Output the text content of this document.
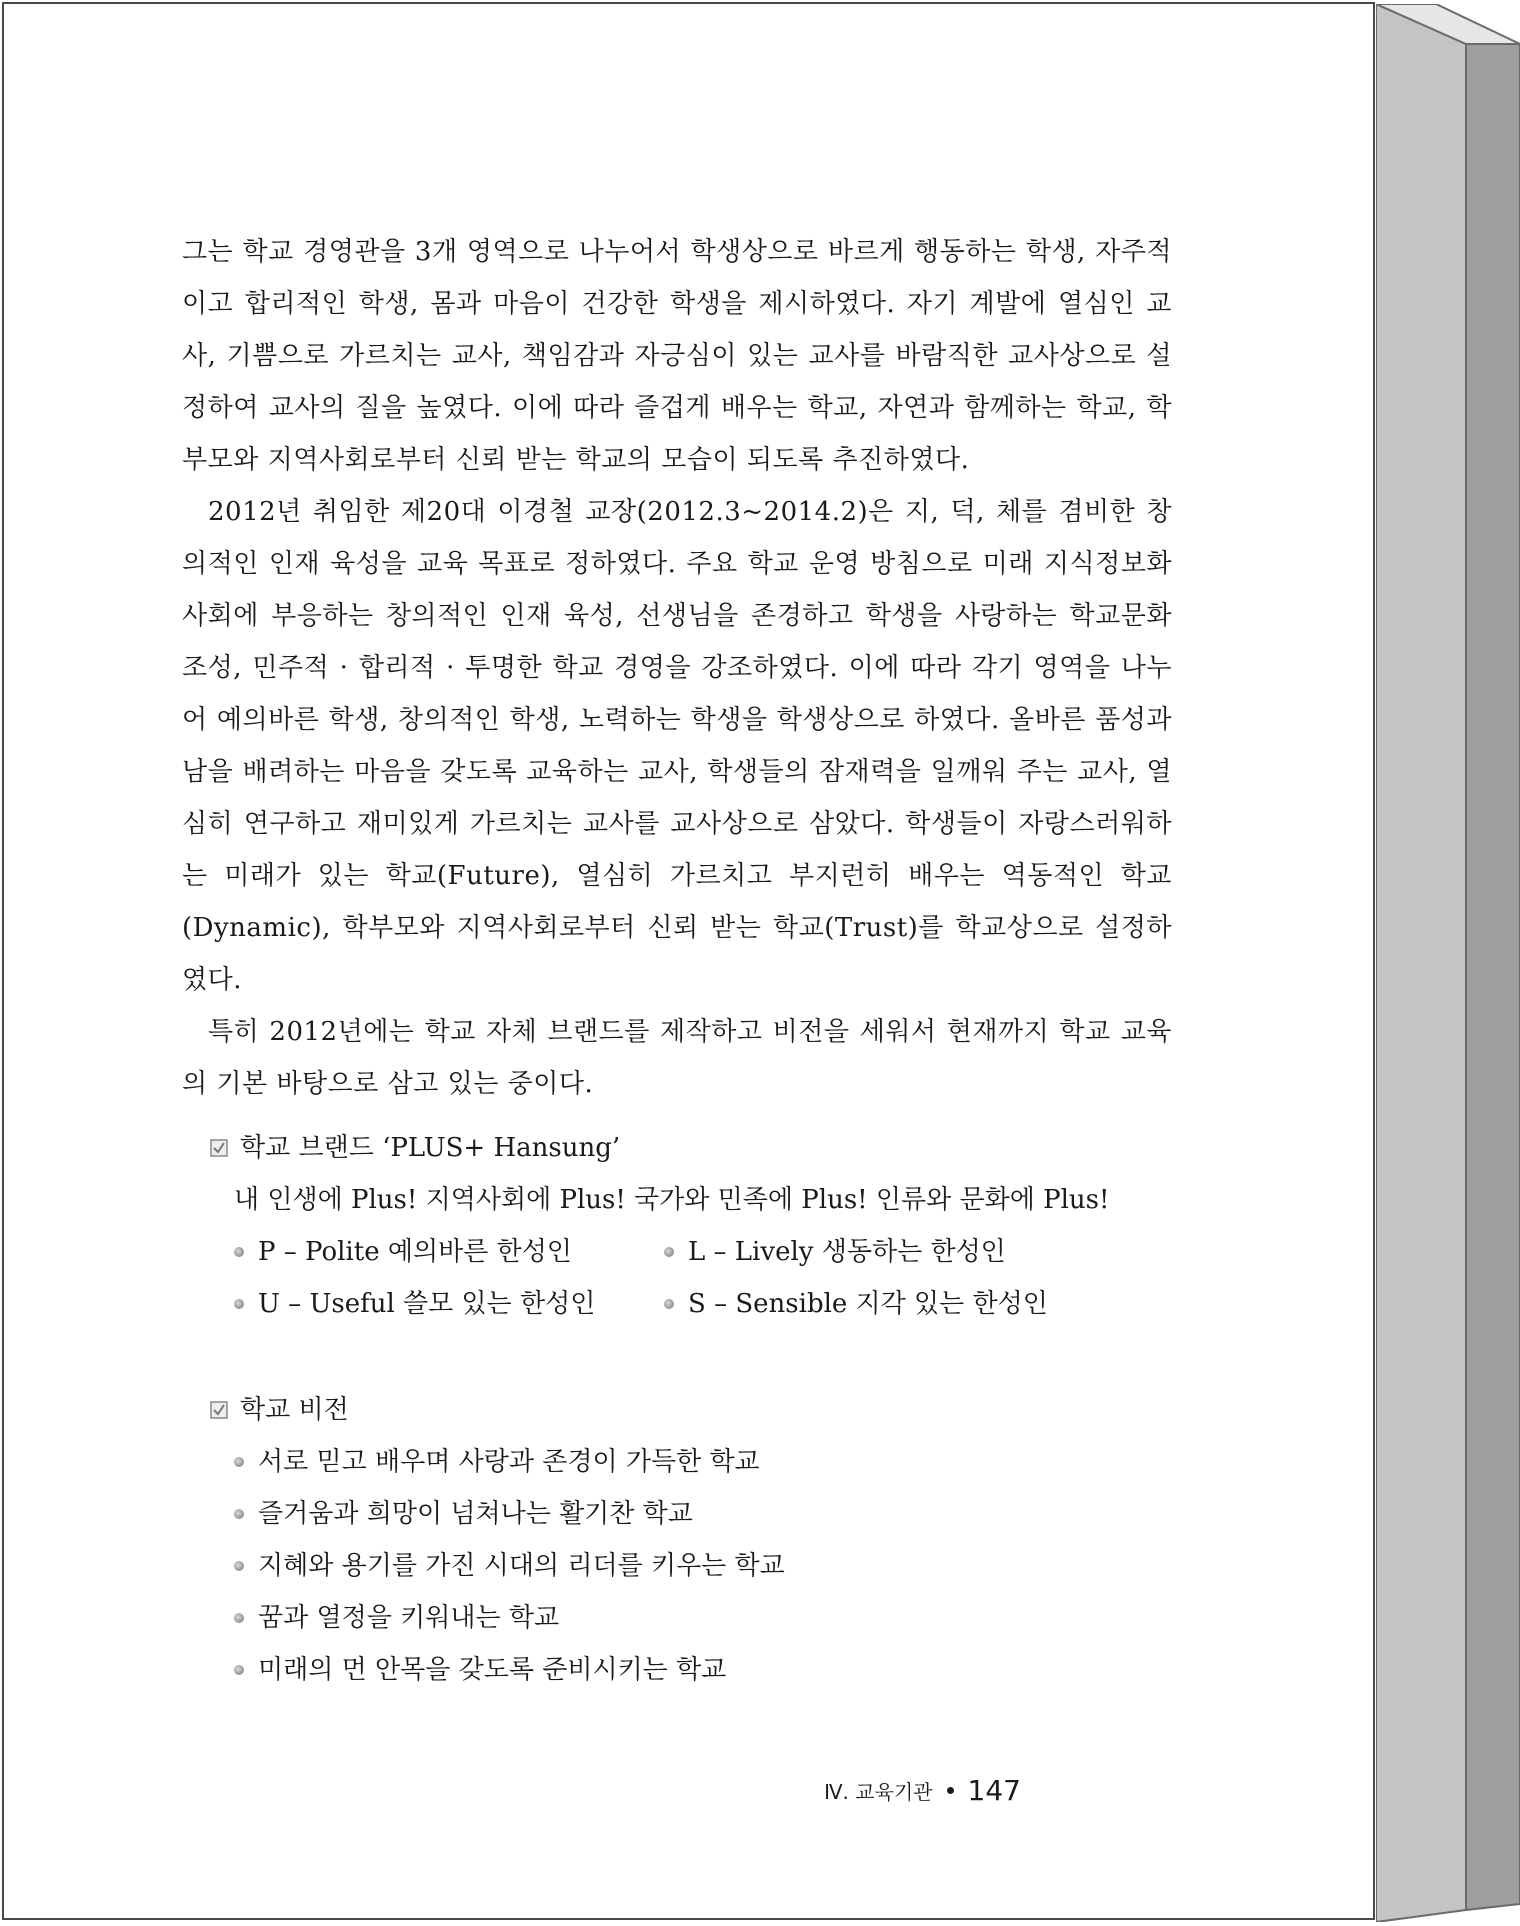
그는 학교 경영관을 3개 영역으로 나누어서 학생상으로 바르게 행동하는 학생, 자주적이고 합리적인 학생, 몸과 마음이 건강한 학생을 제시하였다. 자기 계발에 열심인 교사, 기쁨으로 가르치는 교사, 책임감과 자긍심이 있는 교사를 바람직한 교사상으로 설정하여 교사의 질을 높였다. 이에 따라 즐겁게 배우는 학교, 자연과 함께하는 학교, 학부모와 지역사회로부터 신뢰 받는 학교의 모습이 되도록 추진하였다.

2012년 취임한 제20대 이경철 교장(2012.3~2014.2)은 지, 덕, 체를 겸비한 창의적인 인재 육성을 교육 목표로 정하였다. 주요 학교 운영 방침으로 미래 지식정보화사회에 부응하는 창의적인 인재 육성, 선생님을 존경하고 학생을 사랑하는 학교문화 조성, 민주적 · 합리적 · 투명한 학교 경영을 강조하였다. 이에 따라 각기 영역을 나누어 예의바른 학생, 창의적인 학생, 노력하는 학생을 학생상으로 하였다. 올바른 품성과 남을 배려하는 마음을 갖도록 교육하는 교사, 학생들의 잠재력을 일깨워 주는 교사, 열심히 연구하고 재미있게 가르치는 교사를 교사상으로 삼았다. 학생들이 자랑스러워하는 미래가 있는 학교(Future), 열심히 가르치고 부지런히 배우는 역동적인 학교(Dynamic), 학부모와 지역사회로부터 신뢰 받는 학교(Trust)를 학교상으로 설정하였다.

특히 2012년에는 학교 자체 브랜드를 제작하고 비전을 세워서 현재까지 학교 교육의 기본 바탕으로 삼고 있는 중이다.

학교 브랜드 ‘PLUS+ Hansung’
내 인생에 Plus! 지역사회에 Plus! 국가와 민족에 Plus! 인류와 문화에 Plus!
P – Polite 예의바른 한성인	L – Lively 생동하는 한성인
U – Useful 쓸모 있는 한성인	S – Sensible 지각 있는 한성인
학교 비전
서로 믿고 배우며 사랑과 존경이 가득한 학교
즐거움과 희망이 넘쳐나는 활기찬 학교
지혜와 용기를 가진 시대의 리더를 키우는 학교
꿈과 열정을 키워내는 학교
미래의 먼 안목을 갖도록 준비시키는 학교
Ⅳ. 교육기관 147
